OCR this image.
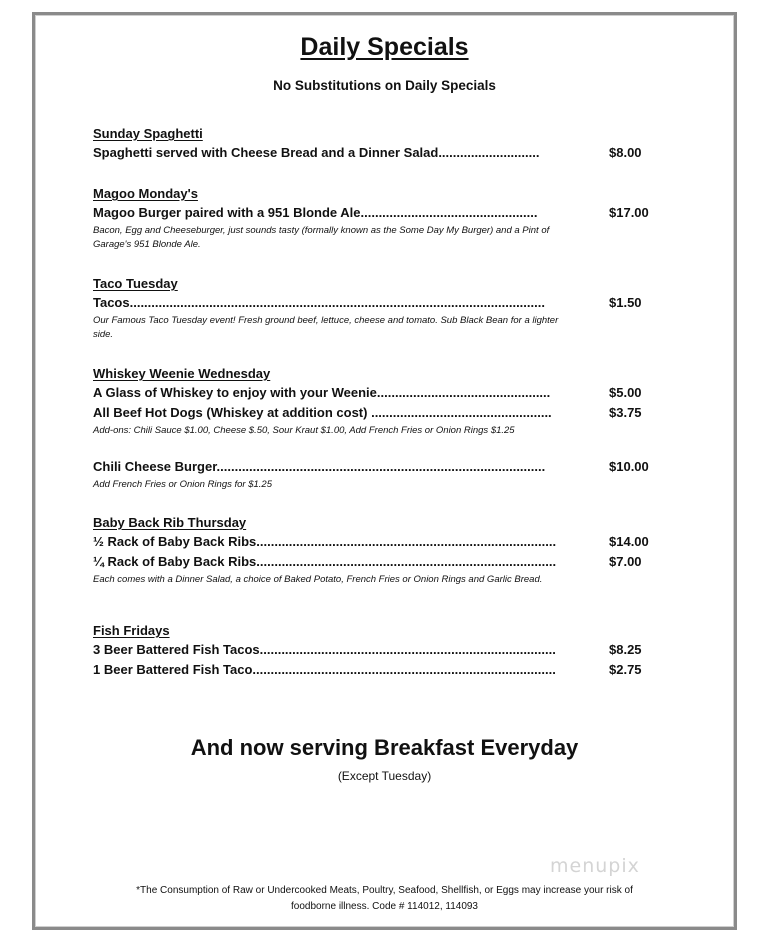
Daily Specials
No Substitutions on Daily Specials
Sunday Spaghetti
Spaghetti served with Cheese Bread and a Dinner Salad............................	$8.00
Magoo Monday's
Magoo Burger paired with a 951 Blonde Ale.................................................	$17.00
Bacon, Egg and Cheeseburger, just sounds tasty (formally known as the Some Day My Burger) and a Pint of Garage's 951 Blonde Ale.
Taco Tuesday
Tacos...................................................................................................................	$1.50
Our Famous Taco Tuesday event! Fresh ground beef, lettuce, cheese and tomato. Sub Black Bean for a lighter side.
Whiskey Weenie Wednesday
A Glass of Whiskey to enjoy with your Weenie................................................	$5.00
All Beef Hot Dogs (Whiskey at addition cost) ..................................................	$3.75
Add-ons: Chili Sauce $1.00, Cheese $.50, Sour Kraut $1.00, Add French Fries or Onion Rings $1.25
Chili Cheese Burger...........................................................................................	$10.00
Add French Fries or Onion Rings for $1.25
Baby Back Rib Thursday
½ Rack of Baby Back Ribs...................................................................................	$14.00
¼ Rack of Baby Back Ribs...................................................................................	$7.00
Each comes with a Dinner Salad, a choice of Baked Potato, French Fries or Onion Rings and Garlic Bread.
Fish Fridays
3 Beer Battered Fish Tacos..................................................................................	$8.25
1 Beer Battered Fish Taco....................................................................................	$2.75
And now serving Breakfast Everyday
(Except Tuesday)
menupix
*The Consumption of Raw or Undercooked Meats, Poultry, Seafood, Shellfish, or Eggs may increase your risk of
foodborne illness. Code # 114012, 114093
